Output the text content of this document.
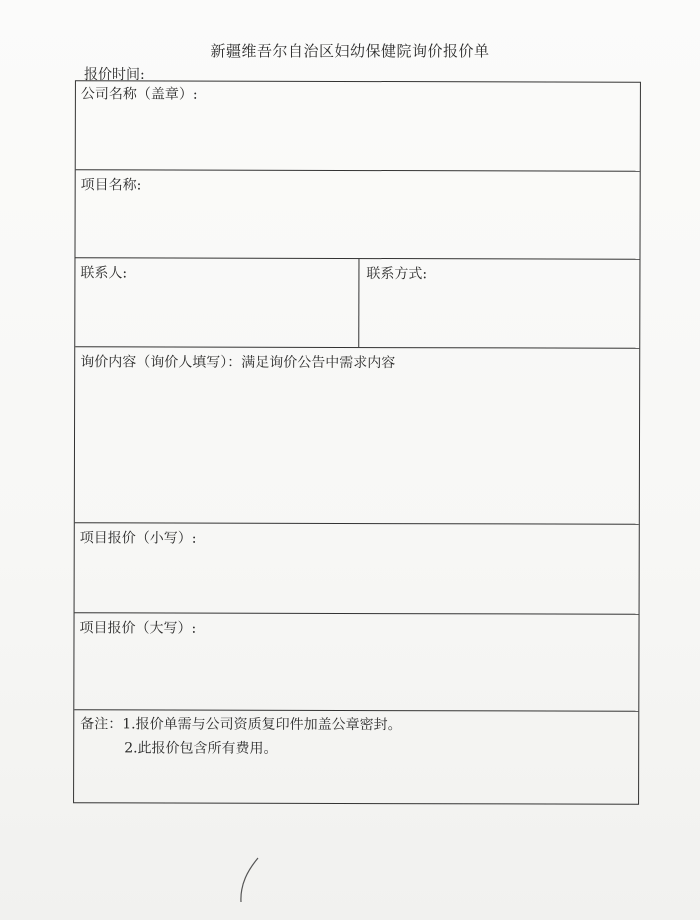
新疆维吾尔自治区妇幼保健院询价报价单
报价时间:
公司名称（盖章）:
项目名称:
联系人:	联系方式:
询价内容（询价人填写）：满足询价公告中需求内容
项目报价（小写）:
项目报价（大写）:
备注：1.报价单需与公司资质复印件加盖公章密封。
2.此报价包含所有费用。
